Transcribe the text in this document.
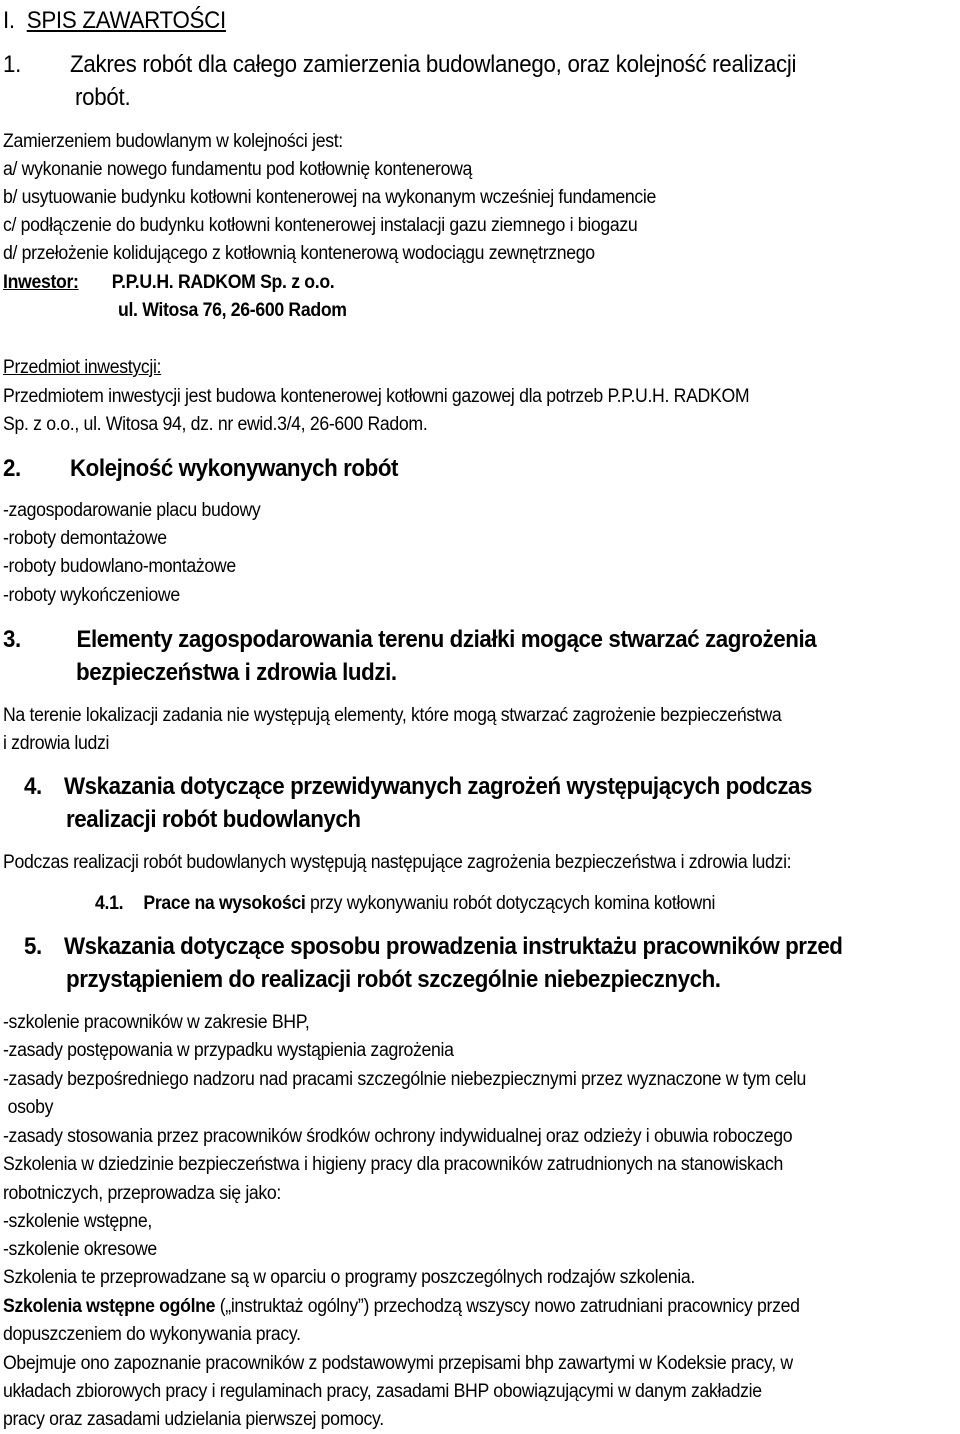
I. SPIS ZAWARTOŚCI
1. Zakres robót dla całego zamierzenia budowlanego, oraz kolejność realizacji
robót.
Zamierzeniem budowlanym w kolejności jest:
a/ wykonanie nowego fundamentu pod kotłownię kontenerową
b/ usytuowanie budynku kotłowni kontenerowej na wykonanym wcześniej fundamencie
c/ podłączenie do budynku kotłowni kontenerowej instalacji gazu ziemnego i biogazu
d/ przełożenie kolidującego z kotłownią kontenerową wodociągu zewnętrznego
Inwestor: P.P.U.H. RADKOM Sp. z o.o.
ul. Witosa 76, 26-600 Radom
Przedmiot inwestycji:
Przedmiotem inwestycji jest budowa kontenerowej kotłowni gazowej dla potrzeb P.P.U.H. RADKOM
Sp. z o.o., ul. Witosa 94, dz. nr ewid.3/4, 26-600 Radom.
2. Kolejność wykonywanych robót
-zagospodarowanie placu budowy
-roboty demontażowe
-roboty budowlano-montażowe
-roboty wykończeniowe
3. Elementy zagospodarowania terenu działki mogące stwarzać zagrożenia
bezpieczeństwa i zdrowia ludzi.
Na terenie lokalizacji zadania nie występują elementy, które mogą stwarzać zagrożenie bezpieczeństwa
i zdrowia ludzi
4. Wskazania dotyczące przewidywanych zagrożeń występujących podczas
realizacji robót budowlanych
Podczas realizacji robót budowlanych występują następujące zagrożenia bezpieczeństwa i zdrowia ludzi:
4.1. Prace na wysokości przy wykonywaniu robót dotyczących komina kotłowni
5. Wskazania dotyczące sposobu prowadzenia instruktażu pracowników przed
przystąpieniem do realizacji robót szczególnie niebezpiecznych.
-szkolenie pracowników w zakresie BHP,
-zasady postępowania w przypadku wystąpienia zagrożenia
-zasady bezpośredniego nadzoru nad pracami szczególnie niebezpiecznymi przez wyznaczone w tym celu
osoby
-zasady stosowania przez pracowników środków ochrony indywidualnej oraz odzieży i obuwia roboczego
Szkolenia w dziedzinie bezpieczeństwa i higieny pracy dla pracowników zatrudnionych na stanowiskach
robotniczych, przeprowadza się jako:
-szkolenie wstępne,
-szkolenie okresowe
Szkolenia te przeprowadzane są w oparciu o programy poszczególnych rodzajów szkolenia.
Szkolenia wstępne ogólne („instruktaż ogólny”) przechodzą wszyscy nowo zatrudniani pracownicy przed
dopuszczeniem do wykonywania pracy.
Obejmuje ono zapoznanie pracowników z podstawowymi przepisami bhp zawartymi w Kodeksie pracy, w
układach zbiorowych pracy i regulaminach pracy, zasadami BHP obowiązującymi w danym zakładzie
pracy oraz zasadami udzielania pierwszej pomocy.
